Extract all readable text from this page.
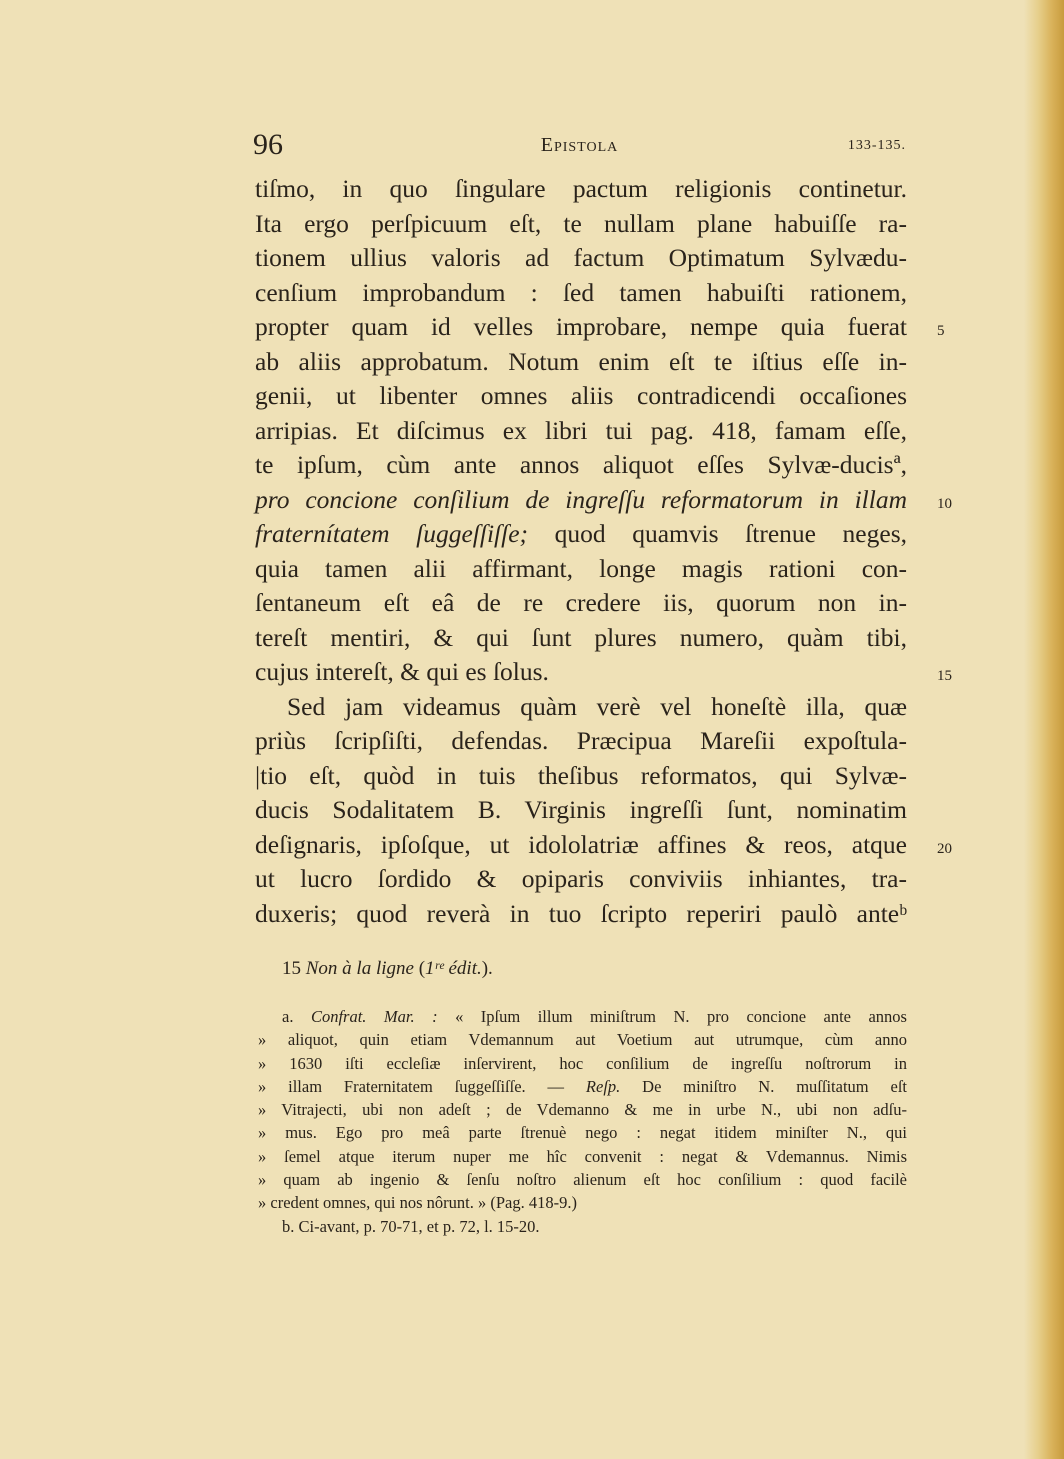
96	Epistola	133-135.
tiſmo, in quo ſingulare pactum religionis continetur.
Ita ergo perſpicuum eſt, te nullam plane habuiſſe ra-
tionem ullius valoris ad factum Optimatum Sylvædu-
cenſium improbandum : ſed tamen habuiſti rationem,
propter quam id velles improbare, nempe quia fuerat 5
ab aliis approbatum. Notum enim eſt te iſtius eſſe in-
genii, ut libenter omnes aliis contradicendi occaſiones
arripias. Et diſcimus ex libri tui pag. 418, famam eſſe,
te ipſum, cùm ante annos aliquot eſſes Sylvæ-ducisª,
pro concione conſilium de ingreſſu reformatorum in illam 10
fraternítatem ſuggeſſiſſe; quod quamvis ſtrenue neges,
quia tamen alii affirmant, longe magis rationi con-
ſentaneum eſt eâ de re credere iis, quorum non in-
tereſt mentiri, & qui ſunt plures numero, quàm tibi,
cujus intereſt, & qui es ſolus.	15
Sed jam videamus quàm verè vel honeſtè illa, quæ
priùs ſcripſiſti, defendas. Præcipua Mareſii expoſtula-
|tio eſt, quòd in tuis theſibus reformatos, qui Sylvæ-
ducis Sodalitatem B. Virginis ingreſſi ſunt, nominatim
deſignaris, ipſoſque, ut idololatriæ affines & reos, atque 20
ut lucro ſordido & opiparis conviviis inhiantes, tra-
duxeris; quod reverà in tuo ſcripto reperiri paulò anteᵇ
15 Non à la ligne (1ʳᵉ édit.).
a. Confrat. Mar. : « Ipſum illum miniſtrum N. pro concione ante annos
» aliquot, quin etiam Vdemannum aut Voetium aut utrumque, cùm anno
» 1630 iſti eccleſiæ inſervirent, hoc conſilium de ingreſſu noſtrorum in
» illam Fraternitatem ſuggeſſiſſe. — Reſp. De miniſtro N. muſſitatum eſt
» Vitrajecti, ubi non adeſt ; de Vdemanno & me in urbe N., ubi non adſu-
» mus. Ego pro meâ parte ſtrenuè nego : negat itidem miniſter N., qui
» ſemel atque iterum nuper me hîc convenit : negat & Vdemannus. Nimis
» quam ab ingenio & ſenſu noſtro alienum eſt hoc conſilium : quod facilè
» credent omnes, qui nos nôrunt. » (Pag. 418-9.)
b. Ci-avant, p. 70-71, et p. 72, l. 15-20.
